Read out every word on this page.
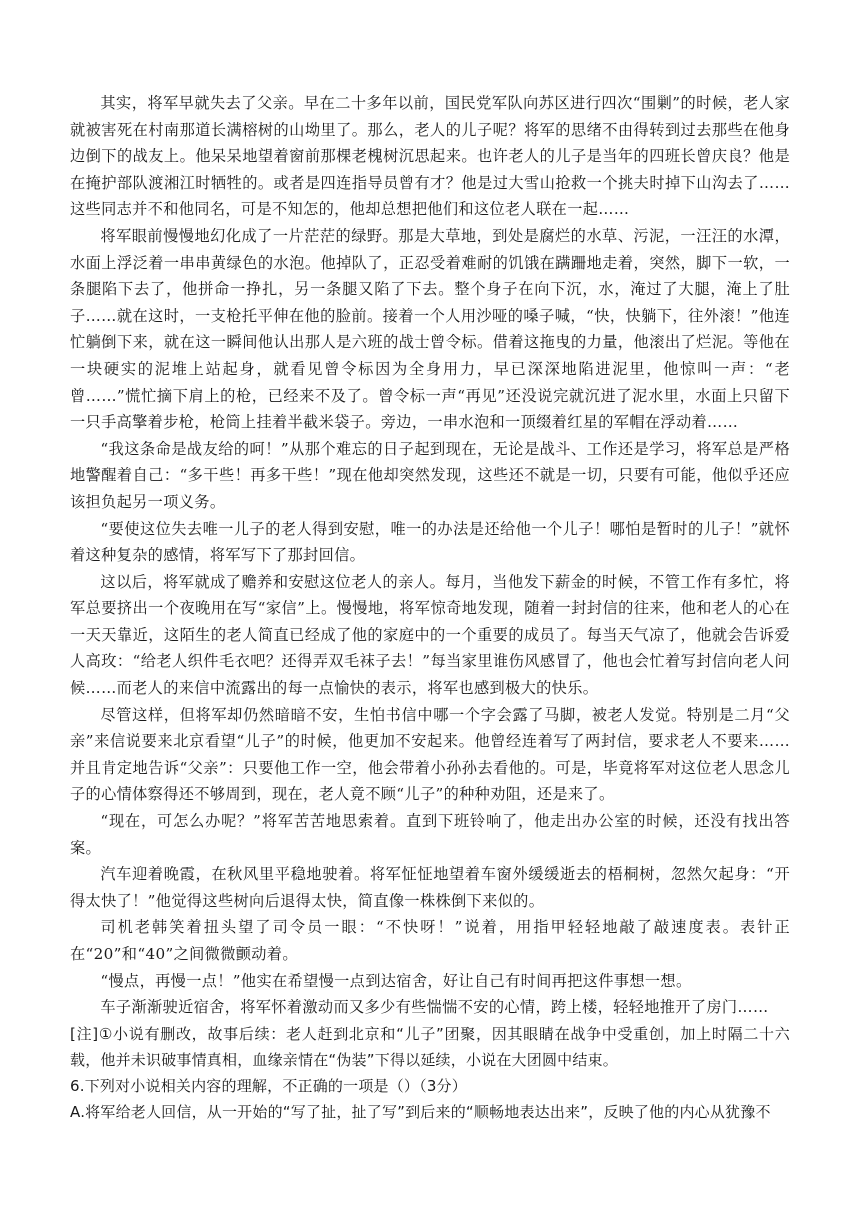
其实，将军早就失去了父亲。早在二十多年以前，国民党军队向苏区进行四次“围剿”的时候，老人家就被害死在村南那道长满榕树的山坳里了。那么，老人的儿子呢？将军的思绪不由得转到过去那些在他身边倒下的战友上。他呆呆地望着窗前那棵老槐树沉思起来。也许老人的儿子是当年的四班长曾庆良？他是在掩护部队渡湘江时牺牲的。或者是四连指导员曾有才？他是过大雪山抢救一个挑夫时掉下山沟去了……这些同志并不和他同名，可是不知怎的，他却总想把他们和这位老人联在一起……

将军眼前慢慢地幻化成了一片茫茫的绿野。那是大草地，到处是腐烂的水草、污泥，一汪汪的水潭，水面上浮泛着一串串黄绿色的水泡。他掉队了，正忍受着难耐的饥饿在蹒跚地走着，突然，脚下一软，一条腿陷下去了，他拼命一挣扎，另一条腿又陷了下去。整个身子在向下沉，水，淹过了大腿，淹上了肚子……就在这时，一支枪托平伸在他的脸前。接着一个人用沙哑的嗓子喊，“快，快躺下，往外滚！”他连忙躺倒下来，就在这一瞬间他认出那人是六班的战士曾令标。借着这拖曳的力量，他滚出了烂泥。等他在一块硬实的泥堆上站起身，就看见曾令标因为全身用力，早已深深地陷进泥里，他惊叫一声：“老曾……”慌忙摘下肩上的枪，已经来不及了。曾令标一声“再见”还没说完就沉进了泥水里，水面上只留下一只手高擎着步枪，枪筒上挂着半截米袋子。旁边，一串水泡和一顶缀着红星的军帽在浮动着……

“我这条命是战友给的呵！”从那个难忘的日子起到现在，无论是战斗、工作还是学习，将军总是严格地警醒着自己：“多干些！再多干些！”现在他却突然发现，这些还不就是一切，只要有可能，他似乎还应该担负起另一项义务。

“要使这位失去唯一儿子的老人得到安慰，唯一的办法是还给他一个儿子！哪怕是暂时的儿子！”就怀着这种复杂的感情，将军写下了那封回信。

这以后，将军就成了赡养和安慰这位老人的亲人。每月，当他发下薪金的时候，不管工作有多忙，将军总要挤出一个夜晚用在写“家信”上。慢慢地，将军惊奇地发现，随着一封封信的往来，他和老人的心在一天天靠近，这陌生的老人简直已经成了他的家庭中的一个重要的成员了。每当天气凉了，他就会告诉爱人高玫：“给老人织件毛衣吧？还得弄双毛袜子去！”每当家里谁伤风感冒了，他也会忙着写封信向老人问候……而老人的来信中流露出的每一点愉快的表示，将军也感到极大的快乐。

尽管这样，但将军却仍然暗暗不安，生怕书信中哪一个字会露了马脚，被老人发觉。特别是二月“父亲”来信说要来北京看望“儿子”的时候，他更加不安起来。他曾经连着写了两封信，要求老人不要来……并且肯定地告诉“父亲”：只要他工作一空，他会带着小孙孙去看他的。可是，毕竟将军对这位老人思念儿子的心情体察得还不够周到，现在，老人竟不顾“儿子”的种种劝阻，还是来了。

“现在，可怎么办呢？”将军苦苦地思索着。直到下班铃响了，他走出办公室的时候，还没有找出答案。

汽车迎着晚霞，在秋风里平稳地驶着。将军怔怔地望着车窗外缓缓逝去的梧桐树，忽然欠起身：“开得太快了！”他觉得这些树向后退得太快，简直像一株株倒下来似的。

司机老韩笑着扭头望了司令员一眼：“不快呀！”说着，用指甲轻轻地敲了敲速度表。表针正在“20”和“40”之间微微颤动着。

“慢点，再慢一点！”他实在希望慢一点到达宿舍，好让自己有时间再把这件事想一想。

车子渐渐驶近宿舍，将军怀着激动而又多少有些惴惴不安的心情，跨上楼，轻轻地推开了房门……

[注]①小说有删改，故事后续：老人赶到北京和“儿子”团聚，因其眼睛在战争中受重创，加上时隔二十六载，他并未识破事情真相，血缘亲情在“伪装”下得以延续，小说在大团圆中结束。

6.下列对小说相关内容的理解，不正确的一项是（）（3分）

A.将军给老人回信，从一开始的“写了扯，扯了写”到后来的“顺畅地表达出来”，反映了他的内心从犹豫不
